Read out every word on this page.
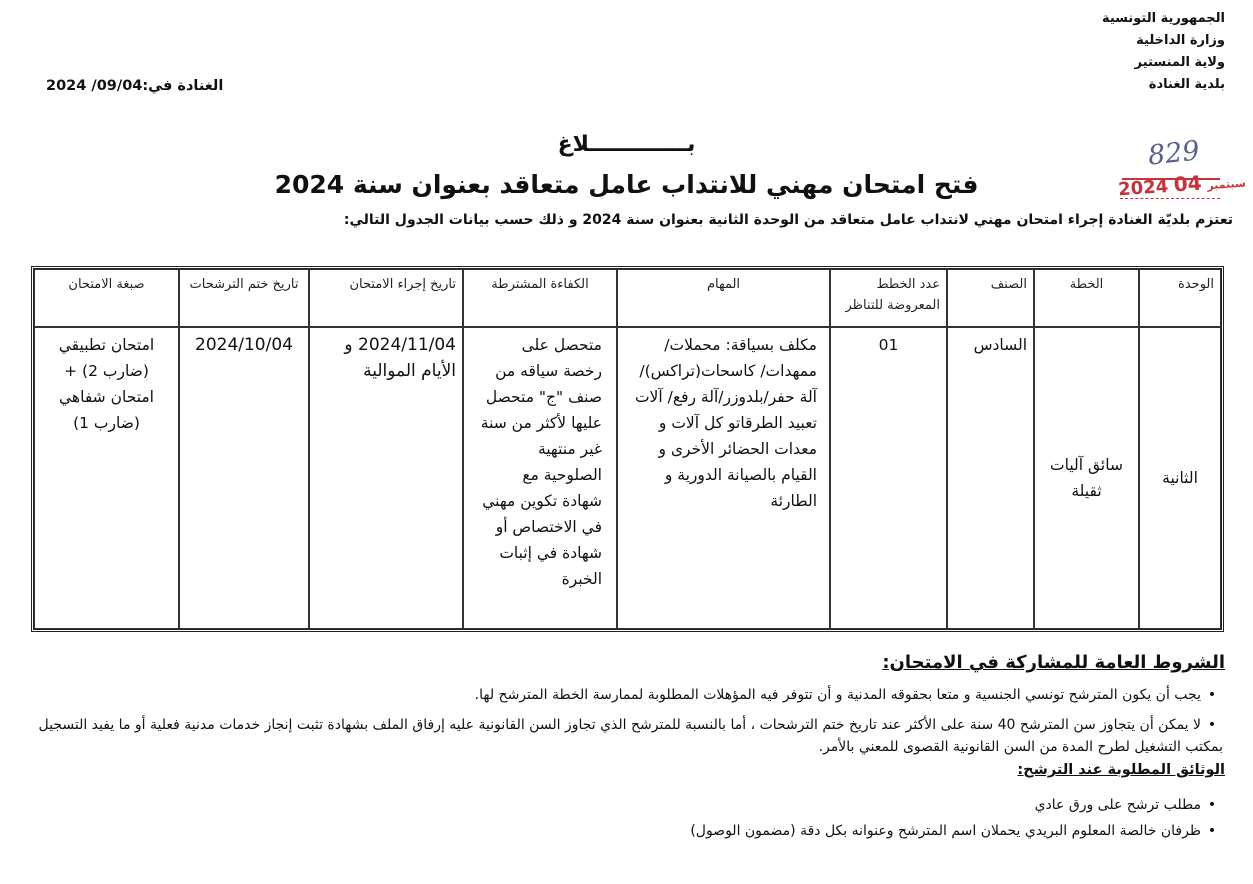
الجمهورية التونسية
وزارة الداخلية
ولاية المنستير
بلدية الغنادة
الغنادة في:09/04/ 2024
829
2024	سبتمبر 04
بـــــــــــــلاغ
فتح امتحان مهني للانتداب عامل متعاقد بعنوان سنة 2024
تعتزم بلديّة الغنادة إجراء امتحان مهني لانتداب عامل متعاقد من الوحدة الثانية بعنوان سنة 2024 و ذلك حسب بيانات الجدول التالي:
الوحدة
الخطة
الصنف
عدد الخطط المعروضة للتناظر
المهام
الكفاءة المشترطة
تاريخ إجراء الامتحان
تاريخ ختم الترشحات
صبغة الامتحان
الثانية
سائق آليات ثقيلة
السادس
01
مكلف بسياقة: محملات/ممهدات/ كاسحات(تراكس)/آلة حفر/بلدوزر/آلة رفع/ آلات تعبيد الطرقاتو كل آلات و معدات الحضائر الأخرى و القيام بالصيانة الدورية و الطارئة
متحصل على رخصة سياقه من صنف "ج" متحصل عليها لأكثر من سنة غير منتهية الصلوحية مع شهادة تكوين مهني في الاختصاص أو شهادة في إثبات الخبرة
2024/11/04 و الأيام الموالية
2024/10/04
امتحان تطبيقي (ضارب 2) + امتحان شفاهي (ضارب 1)
الشروط العامة للمشاركة في الامتحان:
•يجب أن يكون المترشح تونسي الجنسية و متعا بحقوقه المدنية و أن تتوفر فيه المؤهلات المطلوبة لممارسة الخطة المترشح لها.
•لا يمكن أن يتجاوز سن المترشح 40 سنة على الأكثر عند تاريخ ختم الترشحات ، أما بالنسبة للمترشح الذي تجاوز السن القانونية عليه إرفاق الملف بشهادة تثبت إنجاز خدمات مدنية فعلية أو ما يفيد التسجيل بمكتب التشغيل لطرح المدة من السن القانونية القصوى للمعني بالأمر.
الوثائق المطلوبة عند الترشح:
•مطلب ترشح على ورق عادي
•ظرفان خالصة المعلوم البريدي يحملان اسم المترشح وعنوانه بكل دقة (مضمون الوصول)
